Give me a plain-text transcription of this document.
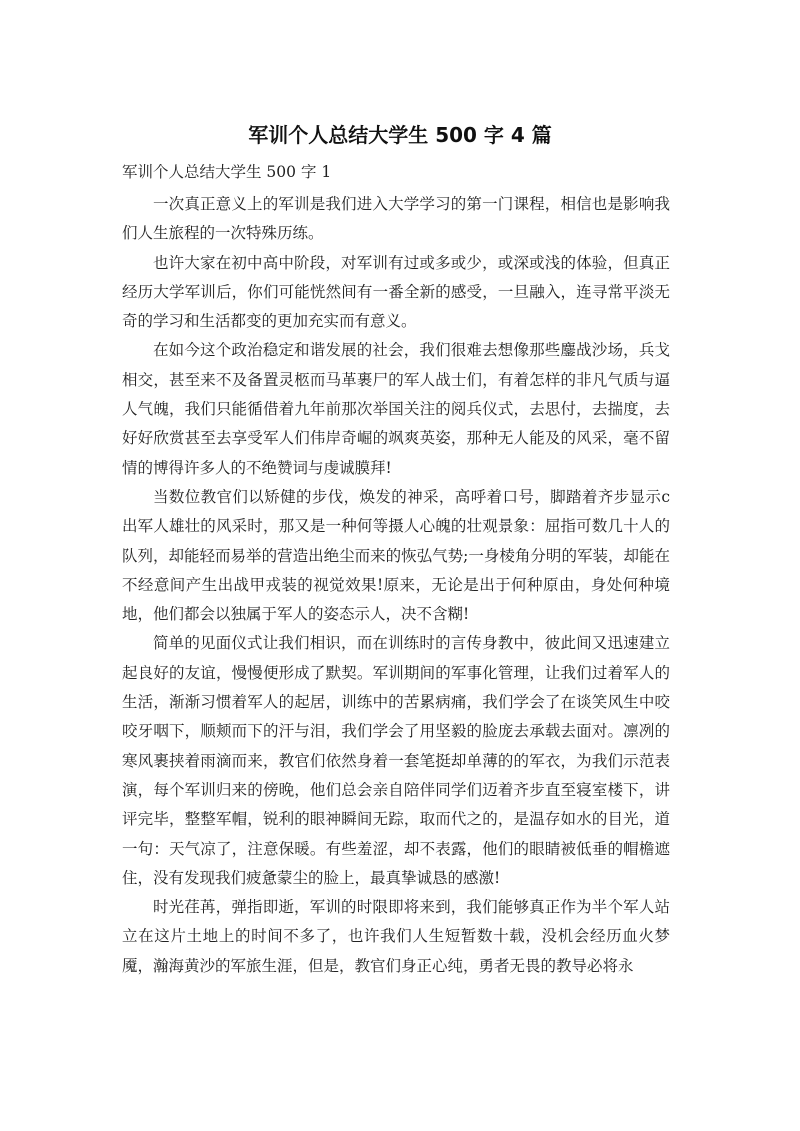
军训个人总结大学生 500 字 4 篇
军训个人总结大学生 500 字 1

一次真正意义上的军训是我们进入大学学习的第一门课程，相信也是影响我们人生旅程的一次特殊历练。

也许大家在初中高中阶段，对军训有过或多或少，或深或浅的体验，但真正经历大学军训后，你们可能恍然间有一番全新的感受，一旦融入，连寻常平淡无奇的学习和生活都变的更加充实而有意义。

在如今这个政治稳定和谐发展的社会，我们很难去想像那些鏖战沙场，兵戈相交，甚至来不及备置灵柩而马革裹尸的军人战士们，有着怎样的非凡气质与逼人气魄，我们只能循借着九年前那次举国关注的阅兵仪式，去思付，去揣度，去好好欣赏甚至去享受军人们伟岸奇崛的飒爽英姿，那种无人能及的风采，毫不留情的博得许多人的不绝赞词与虔诚膜拜!

当数位教官们以矫健的步伐，焕发的神采，高呼着口号，脚踏着齐步显示c 出军人雄壮的风采时，那又是一种何等摄人心魄的壮观景象：屈指可数几十人的队列，却能轻而易举的营造出绝尘而来的恢弘气势;一身棱角分明的军装，却能在不经意间产生出战甲戎装的视觉效果!原来，无论是出于何种原由，身处何种境地，他们都会以独属于军人的姿态示人，决不含糊!

简单的见面仪式让我们相识，而在训练时的言传身教中，彼此间又迅速建立起良好的友谊，慢慢便形成了默契。军训期间的军事化管理，让我们过着军人的生活，渐渐习惯着军人的起居，训练中的苦累病痛，我们学会了在谈笑风生中咬咬牙咽下，顺颊而下的汗与泪，我们学会了用坚毅的脸庞去承载去面对。凛冽的寒风裹挟着雨滴而来，教官们依然身着一套笔挺却单薄的的军衣，为我们示范表演，每个军训归来的傍晚，他们总会亲自陪伴同学们迈着齐步直至寝室楼下，讲评完毕，整整军帽，锐利的眼神瞬间无踪，取而代之的，是温存如水的目光，道一句：天气凉了，注意保暖。有些羞涩，却不表露，他们的眼睛被低垂的帽檐遮住，没有发现我们疲惫蒙尘的脸上，最真挚诚恳的感激!

时光荏苒，弹指即逝，军训的时限即将来到，我们能够真正作为半个军人站立在这片土地上的时间不多了，也许我们人生短暂数十载，没机会经历血火梦魇，瀚海黄沙的军旅生涯，但是，教官们身正心纯，勇者无畏的教导必将永
